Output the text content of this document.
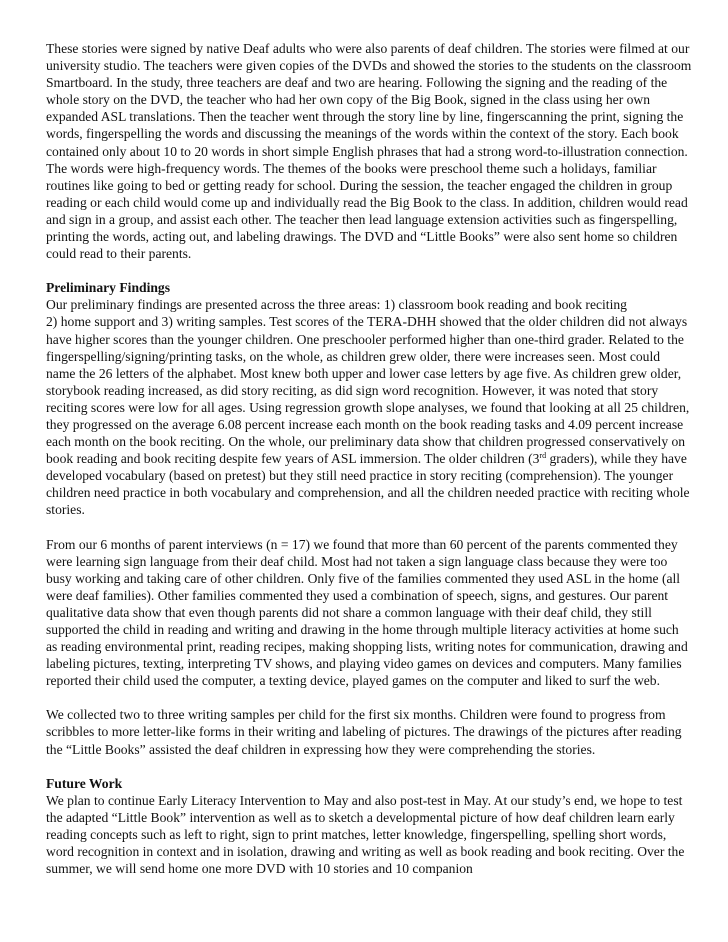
These stories were signed by native Deaf adults who were also parents of deaf children. The stories were filmed at our university studio. The teachers were given copies of the DVDs and showed the stories to the students on the classroom Smartboard. In the study, three teachers are deaf and two are hearing. Following the signing and the reading of the whole story on the DVD, the teacher who had her own copy of the Big Book, signed in the class using her own expanded ASL translations. Then the teacher went through the story line by line, fingerscanning the print, signing the words, fingerspelling the words and discussing the meanings of the words within the context of the story. Each book contained only about 10 to 20 words in short simple English phrases that had a strong word-to-illustration connection. The words were high-frequency words. The themes of the books were preschool theme such a holidays, familiar routines like going to bed or getting ready for school. During the session, the teacher engaged the children in group reading or each child would come up and individually read the Big Book to the class. In addition, children would read and sign in a group, and assist each other. The teacher then lead language extension activities such as fingerspelling, printing the words, acting out, and labeling drawings. The DVD and “Little Books” were also sent home so children could read to their parents.

Preliminary Findings

Our preliminary findings are presented across the three areas: 1) classroom book reading and book reciting
2) home support and 3) writing samples. Test scores of the TERA-DHH showed that the older children did not always have higher scores than the younger children. One preschooler performed higher than one-third grader. Related to the fingerspelling/signing/printing tasks, on the whole, as children grew older, there were increases seen. Most could name the 26 letters of the alphabet. Most knew both upper and lower case letters by age five. As children grew older, storybook reading increased, as did story reciting, as did sign word recognition. However, it was noted that story reciting scores were low for all ages. Using regression growth slope analyses, we found that looking at all 25 children, they progressed on the average 6.08 percent increase each month on the book reading tasks and 4.09 percent increase each month on the book reciting. On the whole, our preliminary data show that children progressed conservatively on book reading and book reciting despite few years of ASL immersion. The older children (3rd graders), while they have developed vocabulary (based on pretest) but they still need practice in story reciting (comprehension). The younger children need practice in both vocabulary and comprehension, and all the children needed practice with reciting whole stories.

From our 6 months of parent interviews (n = 17) we found that more than 60 percent of the parents commented they were learning sign language from their deaf child. Most had not taken a sign language class because they were too busy working and taking care of other children. Only five of the families commented they used ASL in the home (all were deaf families). Other families commented they used a combination of speech, signs, and gestures. Our parent qualitative data show that even though parents did not share a common language with their deaf child, they still supported the child in reading and writing and drawing in the home through multiple literacy activities at home such as reading environmental print, reading recipes, making shopping lists, writing notes for communication, drawing and labeling pictures, texting, interpreting TV shows, and playing video games on devices and computers. Many families reported their child used the computer, a texting device, played games on the computer and liked to surf the web.

We collected two to three writing samples per child for the first six months. Children were found to progress from scribbles to more letter-like forms in their writing and labeling of pictures. The drawings of the pictures after reading the “Little Books” assisted the deaf children in expressing how they were comprehending the stories.

Future Work

We plan to continue Early Literacy Intervention to May and also post-test in May. At our study’s end, we hope to test the adapted “Little Book” intervention as well as to sketch a developmental picture of how deaf children learn early reading concepts such as left to right, sign to print matches, letter knowledge, fingerspelling, spelling short words, word recognition in context and in isolation, drawing and writing as well as book reading and book reciting. Over the summer, we will send home one more DVD with 10 stories and 10 companion
